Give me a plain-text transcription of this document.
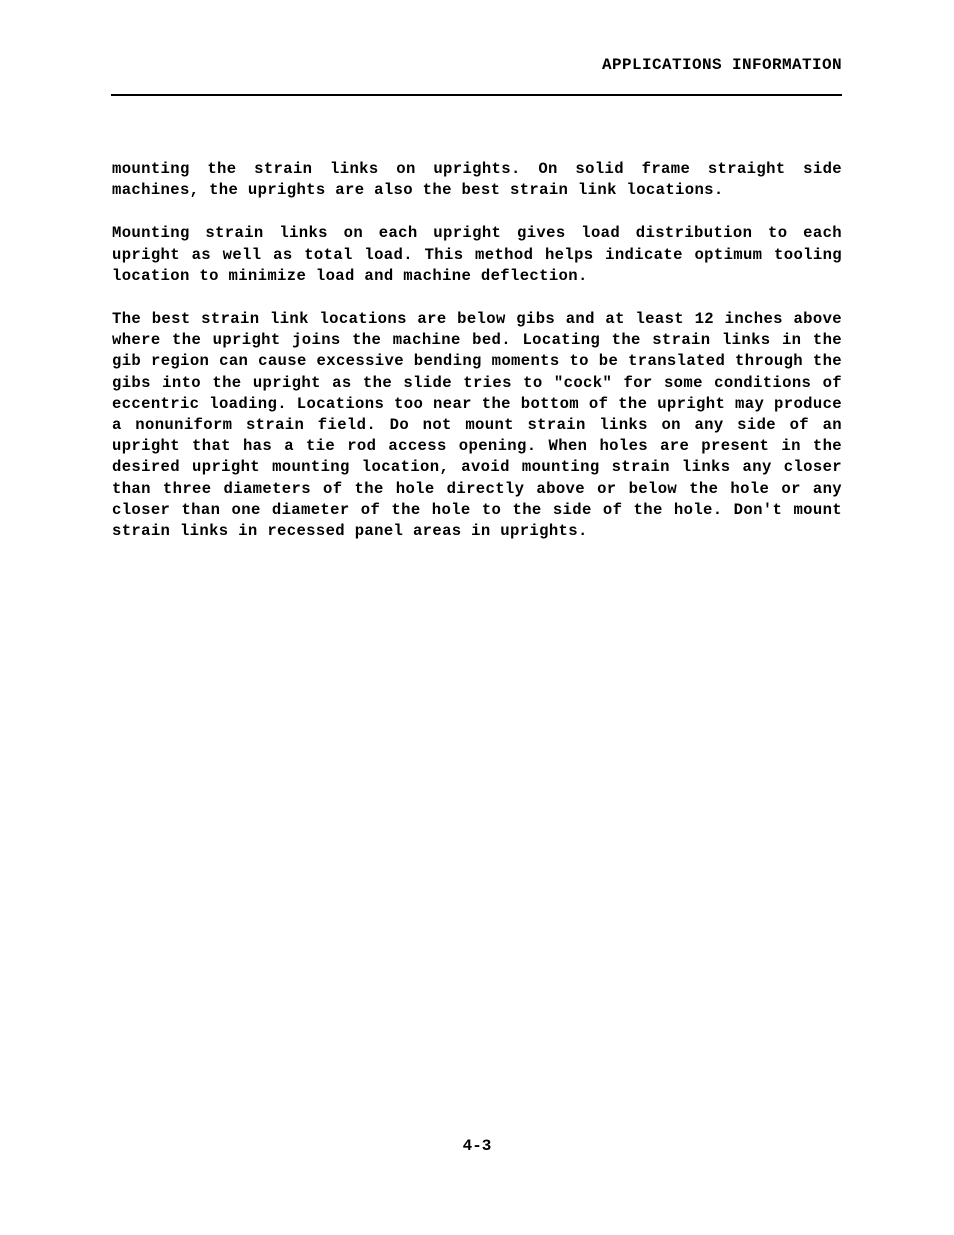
APPLICATIONS INFORMATION

mounting the strain links on uprights. On solid frame straight side machines, the uprights are also the best strain link locations.

Mounting strain links on each upright gives load distribution to each upright as well as total load. This method helps indicate optimum tooling location to minimize load and machine deflection.

The best strain link locations are below gibs and at least 12 inches above where the upright joins the machine bed. Locating the strain links in the gib region can cause excessive bending moments to be translated through the gibs into the upright as the slide tries to "cock" for some conditions of eccentric loading. Locations too near the bottom of the upright may produce a nonuniform strain field. Do not mount strain links on any side of an upright that has a tie rod access opening. When holes are present in the desired upright mounting location, avoid mounting strain links any closer than three diameters of the hole directly above or below the hole or any closer than one diameter of the hole to the side of the hole. Don't mount strain links in recessed panel areas in uprights.

4-3
